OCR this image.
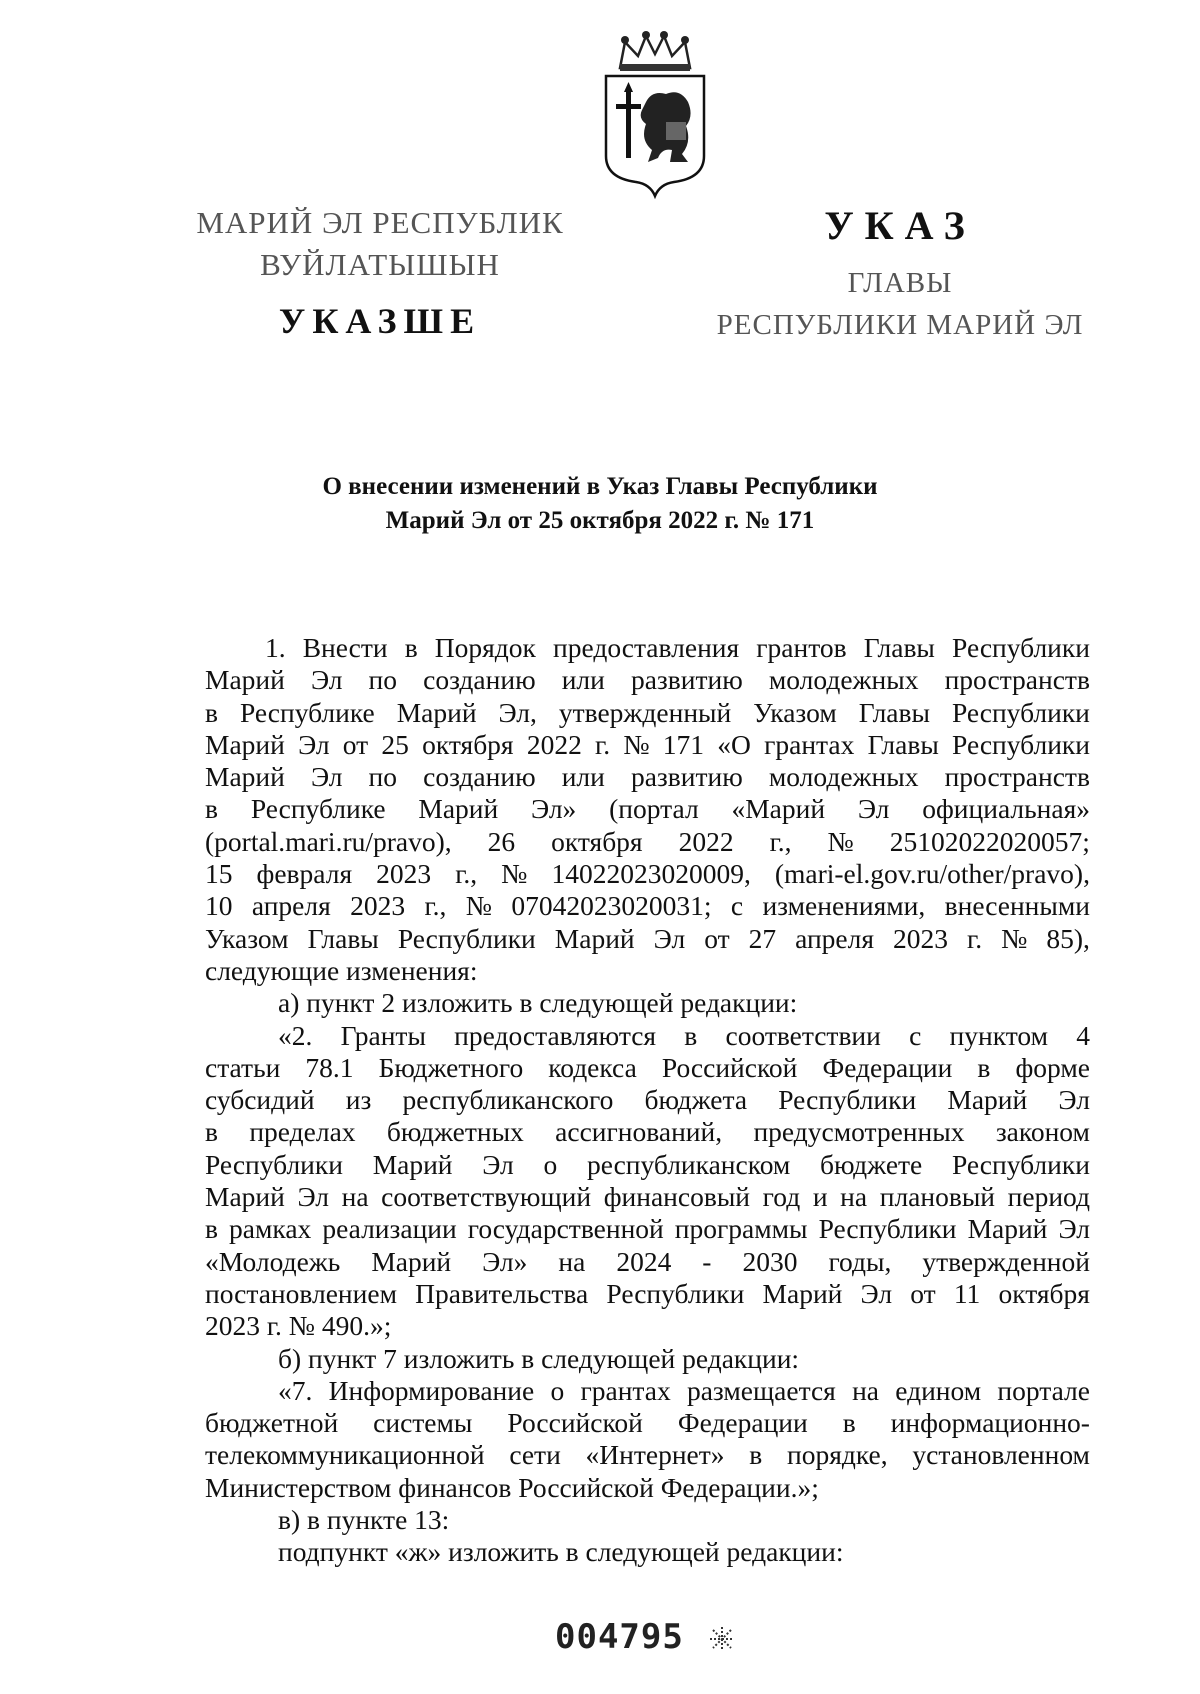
МАРИЙ ЭЛ РЕСПУБЛИК
ВУЙЛАТЫШЫН
УКАЗШЕ
УКАЗ
ГЛАВЫ
РЕСПУБЛИКИ МАРИЙ ЭЛ
О внесении изменений в Указ Главы Республики
Марий Эл от 25 октября 2022 г. № 171
1. Внести в Порядок предоставления грантов Главы Республики
Марий Эл по созданию или развитию молодежных пространств
в Республике Марий Эл, утвержденный Указом Главы Республики
Марий Эл от 25 октября 2022 г. № 171 «О грантах Главы Республики
Марий Эл по созданию или развитию молодежных пространств
в Республике Марий Эл» (портал «Марий Эл официальная»
(portal.mari.ru/pravo), 26 октября 2022 г., № 25102022020057;
15 февраля 2023 г., № 14022023020009, (mari-el.gov.ru/other/pravo),
10 апреля 2023 г., № 07042023020031; с изменениями, внесенными
Указом Главы Республики Марий Эл от 27 апреля 2023 г. № 85),
следующие изменения:
а) пункт 2 изложить в следующей редакции:
«2. Гранты предоставляются в соответствии с пунктом 4
статьи 78.1 Бюджетного кодекса Российской Федерации в форме
субсидий из республиканского бюджета Республики Марий Эл
в пределах бюджетных ассигнований, предусмотренных законом
Республики Марий Эл о республиканском бюджете Республики
Марий Эл на соответствующий финансовый год и на плановый период
в рамках реализации государственной программы Республики Марий Эл
«Молодежь Марий Эл» на 2024 - 2030 годы, утвержденной
постановлением Правительства Республики Марий Эл от 11 октября
2023 г. № 490.»;
б) пункт 7 изложить в следующей редакции:
«7. Информирование о грантах размещается на едином портале
бюджетной системы Российской Федерации в информационно-
телекоммуникационной сети «Интернет» в порядке, установленном
Министерством финансов Российской Федерации.»;
в) в пункте 13:
подпункт «ж» изложить в следующей редакции:
004795
